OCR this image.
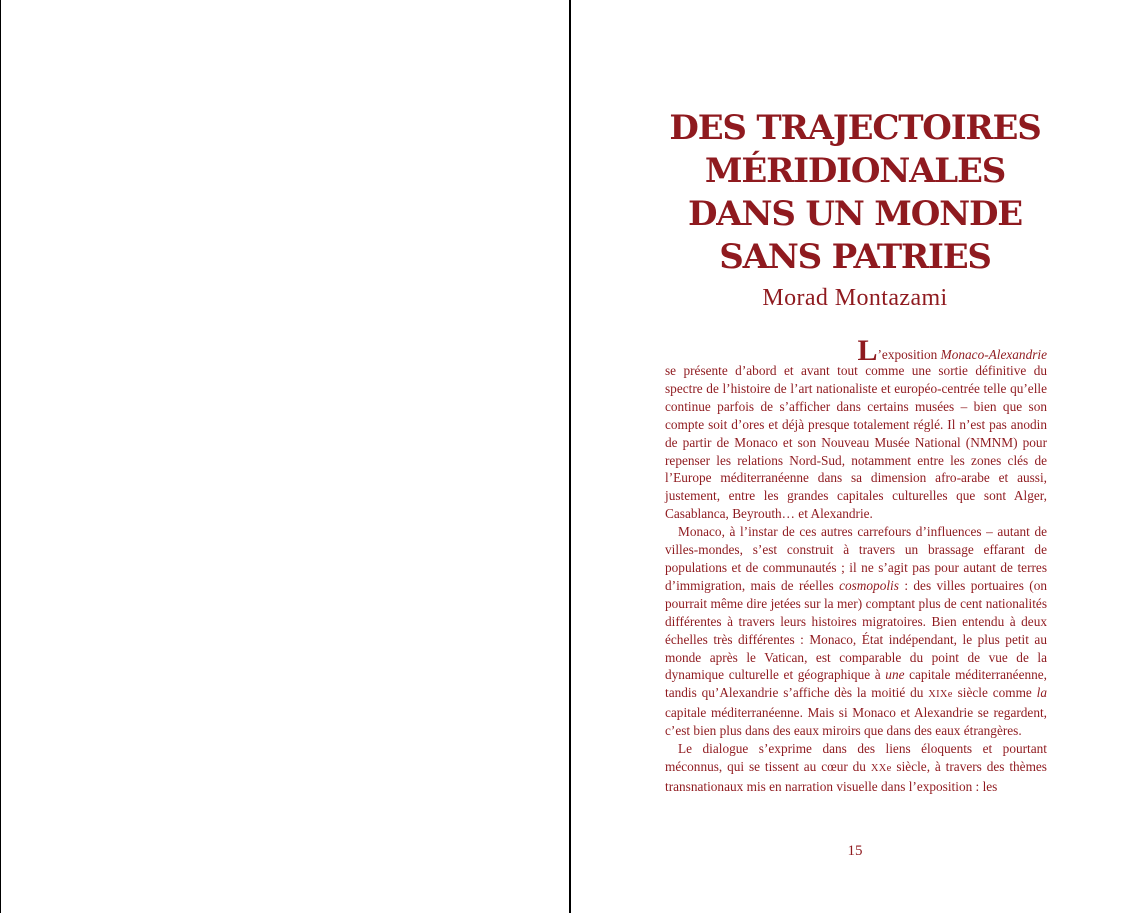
DES TRAJECTOIRES
MÉRIDIONALES
DANS UN MONDE
SANS PATRIES
Morad Montazami

L’exposition Monaco-Alexandrie
se présente d’abord et avant tout comme une sortie définitive du spectre de l’histoire de l’art nationaliste et européo-centrée telle qu’elle continue parfois de s’afficher dans certains musées – bien que son compte soit d’ores et déjà presque totalement réglé. Il n’est pas anodin de partir de Monaco et son Nouveau Musée National (NMNM) pour repenser les relations Nord-Sud, notamment entre les zones clés de l’Europe méditerranéenne dans sa dimension afro-arabe et aussi, justement, entre les grandes capitales culturelles que sont Alger, Casablanca, Beyrouth… et Alexandrie.

Monaco, à l’instar de ces autres carrefours d’influences – autant de villes-mondes, s’est construit à travers un brassage effarant de populations et de communautés ; il ne s’agit pas pour autant de terres d’immigration, mais de réelles cosmopolis : des villes portuaires (on pourrait même dire jetées sur la mer) comptant plus de cent nationalités différentes à travers leurs histoires migratoires. Bien entendu à deux échelles très différentes : Monaco, État indépendant, le plus petit au monde après le Vatican, est comparable du point de vue de la dynamique culturelle et géographique à une capitale méditerranéenne, tandis qu’Alexandrie s’affiche dès la moitié du XIXe siècle comme la capitale méditerranéenne. Mais si Monaco et Alexandrie se regardent, c’est bien plus dans des eaux miroirs que dans des eaux étrangères.

Le dialogue s’exprime dans des liens éloquents et pourtant méconnus, qui se tissent au cœur du XXe siècle, à travers des thèmes transnationaux mis en narration visuelle dans l’exposition : les

15
